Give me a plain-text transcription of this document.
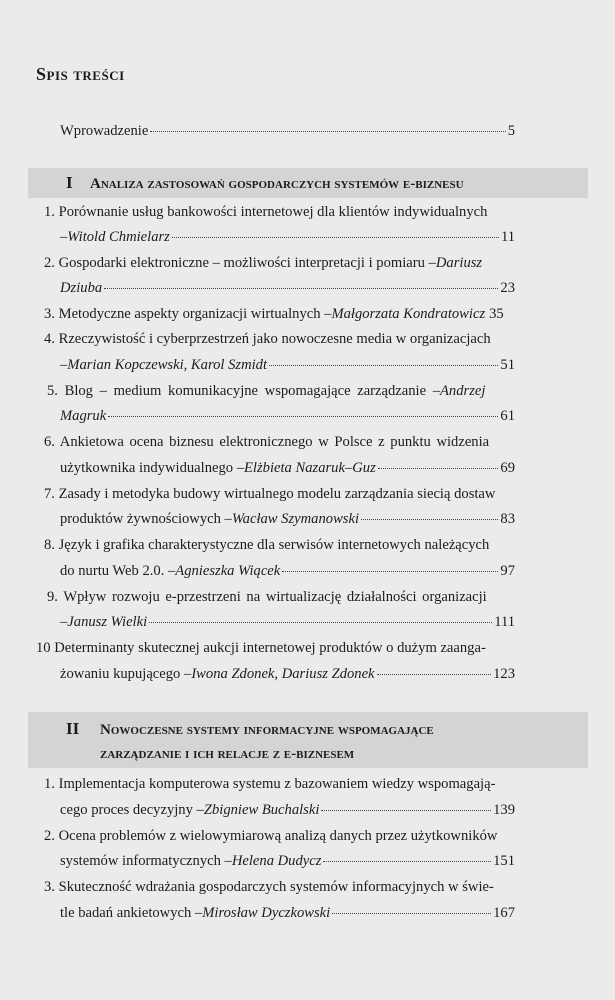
Spis treści
Wprowadzenie	5
I Analiza zastosowań gospodarczych systemów e-biznesu
1. Porównanie usług bankowości internetowej dla klientów indywidualnych
– Witold Chmielarz	11
2. Gospodarki elektroniczne – możliwości interpretacji i pomiaru – Dariusz
Dziuba	23
3. Metodyczne aspekty organizacji wirtualnych – Małgorzata Kondratowicz 35
4. Rzeczywistość i cyberprzestrzeń jako nowoczesne media w organizacjach
– Marian Kopczewski, Karol Szmidt	51
5. Blog – medium komunikacyjne wspomagające zarządzanie – Andrzej
Magruk	61
6. Ankietowa ocena biznesu elektronicznego w Polsce z punktu widzenia
użytkownika indywidualnego – Elżbieta Nazaruk–Guz	69
7. Zasady i metodyka budowy wirtualnego modelu zarządzania siecią dostaw
produktów żywnościowych – Wacław Szymanowski	83
8. Język i grafika charakterystyczne dla serwisów internetowych należących
do nurtu Web 2.0. – Agnieszka Wiącek	97
9. Wpływ rozwoju e-przestrzeni na wirtualizację działalności organizacji
– Janusz Wielki	111
10 Determinanty skutecznej aukcji internetowej produktów o dużym zaanga-
żowaniu kupującego – Iwona Zdonek, Dariusz Zdonek	123
II Nowoczesne systemy informacyjne wspomagające
zarządzanie i ich relacje z e-biznesem
1. Implementacja komputerowa systemu z bazowaniem wiedzy wspomagają-
cego proces decyzyjny – Zbigniew Buchalski	139
2. Ocena problemów z wielowymiarową analizą danych przez użytkowników
systemów informatycznych – Helena Dudycz	151
3. Skuteczność wdrażania gospodarczych systemów informacyjnych w świe-
tle badań ankietowych – Mirosław Dyczkowski	167
